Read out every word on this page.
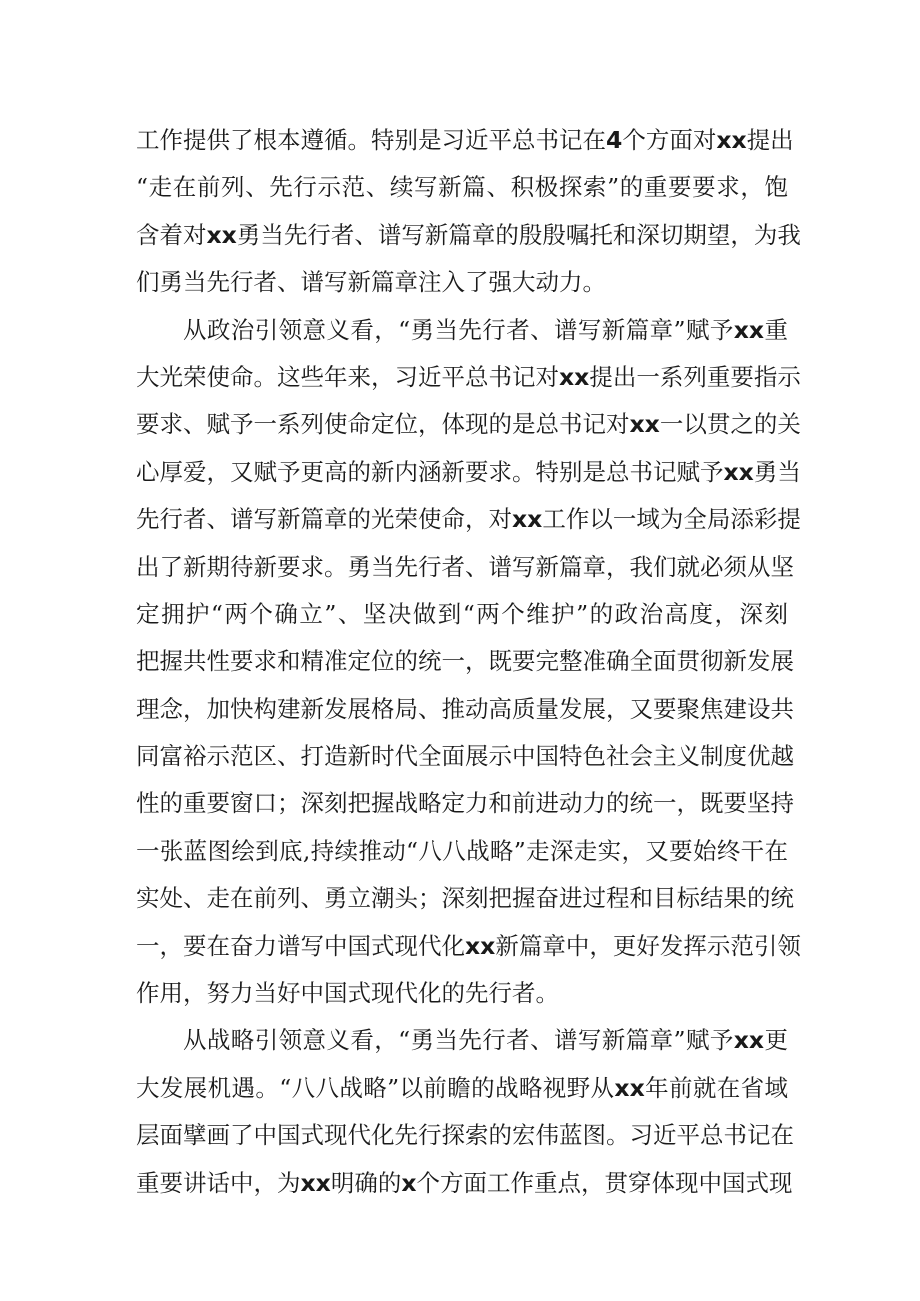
工作提供了根本遵循。特别是习近平总书记在4个方面对xx提出
“走在前列、先行示范、续写新篇、积极探索”的重要要求，饱
含着对xx勇当先行者、谱写新篇章的殷殷嘱托和深切期望，为我
们勇当先行者、谱写新篇章注入了强大动力。
从政治引领意义看，“勇当先行者、谱写新篇章”赋予xx重
大光荣使命。这些年来，习近平总书记对xx提出一系列重要指示
要求、赋予一系列使命定位，体现的是总书记对xx一以贯之的关
心厚爱，又赋予更高的新内涵新要求。特别是总书记赋予xx勇当
先行者、谱写新篇章的光荣使命，对xx工作以一域为全局添彩提
出了新期待新要求。勇当先行者、谱写新篇章，我们就必须从坚
定拥护“两个确立”、坚决做到“两个维护”的政治高度，深刻
把握共性要求和精准定位的统一，既要完整准确全面贯彻新发展
理念，加快构建新发展格局、推动高质量发展，又要聚焦建设共
同富裕示范区、打造新时代全面展示中国特色社会主义制度优越
性的重要窗口；深刻把握战略定力和前进动力的统一，既要坚持
一张蓝图绘到底,持续推动“八八战略”走深走实，又要始终干在
实处、走在前列、勇立潮头；深刻把握奋进过程和目标结果的统
一，要在奋力谱写中国式现代化xx新篇章中，更好发挥示范引领
作用，努力当好中国式现代化的先行者。
从战略引领意义看，“勇当先行者、谱写新篇章”赋予xx更
大发展机遇。“八八战略”以前瞻的战略视野从xx年前就在省域
层面擘画了中国式现代化先行探索的宏伟蓝图。习近平总书记在
重要讲话中，为xx明确的x个方面工作重点，贯穿体现中国式现
